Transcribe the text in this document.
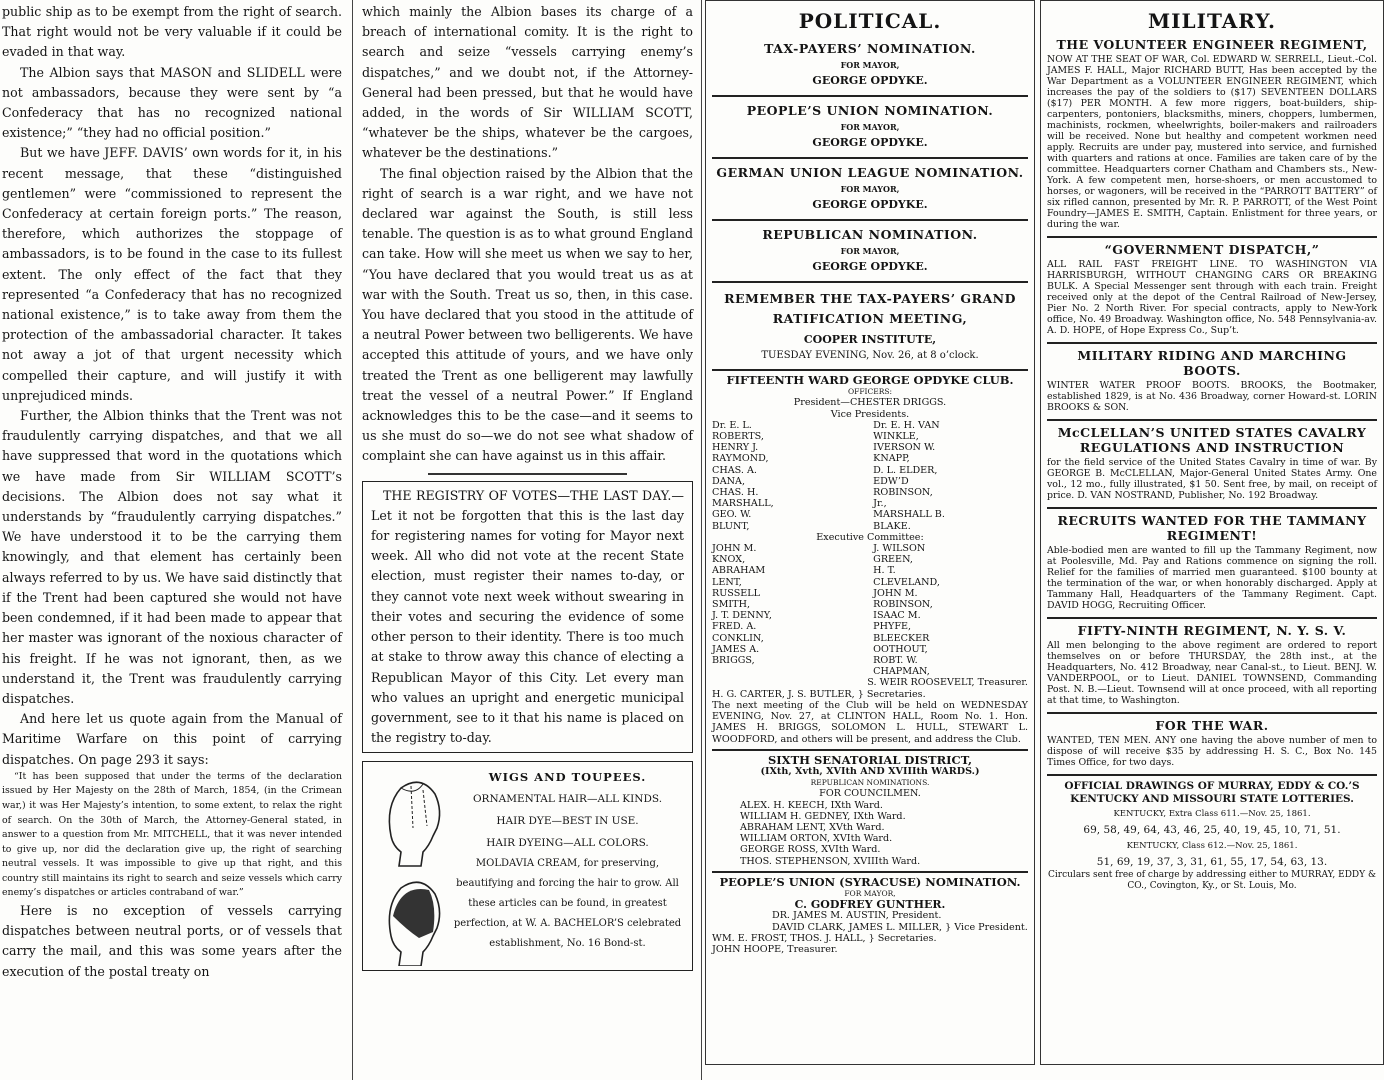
public ship as to be exempt from the right of search. That right would not be very valuable if it could be evaded in that way.

The Albion says that MASON and SLIDELL were not ambassadors, because they were sent by “a Confederacy that has no recognized national existence;” “they had no official position.”

But we have JEFF. DAVIS’ own words for it, in his recent message, that these “distinguished gentlemen” were “commissioned to represent the Confederacy at certain foreign ports.” The reason, therefore, which authorizes the stoppage of ambassadors, is to be found in the case to its fullest extent. The only effect of the fact that they represented “a Confederacy that has no recognized national existence,” is to take away from them the protection of the ambassadorial character. It takes not away a jot of that urgent necessity which compelled their capture, and will justify it with unprejudiced minds.

Further, the Albion thinks that the Trent was not fraudulently carrying dispatches, and that we all have suppressed that word in the quotations which we have made from Sir WILLIAM SCOTT’s decisions. The Albion does not say what it understands by “fraudulently carrying dispatches.” We have understood it to be the carrying them knowingly, and that element has certainly been always referred to by us. We have said distinctly that if the Trent had been captured she would not have been condemned, if it had been made to appear that her master was ignorant of the noxious character of his freight. If he was not ignorant, then, as we understand it, the Trent was fraudulently carrying dispatches.

And here let us quote again from the Manual of Maritime Warfare on this point of carrying dispatches. On page 293 it says:

“It has been supposed that under the terms of the declaration issued by Her Majesty on the 28th of March, 1854, (in the Crimean war,) it was Her Majesty’s intention, to some extent, to relax the right of search. On the 30th of March, the Attorney-General stated, in answer to a question from Mr. MITCHELL, that it was never intended to give up, nor did the declaration give up, the right of searching neutral vessels. It was impossible to give up that right, and this country still maintains its right to search and seize vessels which carry enemy’s dispatches or articles contraband of war.”

Here is no exception of vessels carrying dispatches between neutral ports, or of vessels that carry the mail, and this was some years after the execution of the postal treaty on

which mainly the Albion bases its charge of a breach of international comity. It is the right to search and seize “vessels carrying enemy’s dispatches,” and we doubt not, if the Attorney-General had been pressed, but that he would have added, in the words of Sir WILLIAM SCOTT, “whatever be the ships, whatever be the cargoes, whatever be the destinations.”

The final objection raised by the Albion that the right of search is a war right, and we have not declared war against the South, is still less tenable. The question is as to what ground England can take. How will she meet us when we say to her, “You have declared that you would treat us as at war with the South. Treat us so, then, in this case. You have declared that you stood in the attitude of a neutral Power between two belligerents. We have accepted this attitude of yours, and we have only treated the Trent as one belligerent may lawfully treat the vessel of a neutral Power.” If England acknowledges this to be the case—and it seems to us she must do so—we do not see what shadow of complaint she can have against us in this affair.

THE REGISTRY OF VOTES—THE LAST DAY.—Let it not be forgotten that this is the last day for registering names for voting for Mayor next week. All who did not vote at the recent State election, must register their names to-day, or they cannot vote next week without swearing in their votes and securing the evidence of some other person to their identity. There is too much at stake to throw away this chance of electing a Republican Mayor of this City. Let every man who values an upright and energetic municipal government, see to it that his name is placed on the registry to-day.

WIGS AND TOUPEES.
ORNAMENTAL HAIR—ALL KINDS.
HAIR DYE—BEST IN USE.
HAIR DYEING—ALL COLORS.
MOLDAVIA CREAM, for preserving, beautifying and forcing the hair to grow. All these articles can be found, in greatest perfection, at W. A. BACHELOR’S celebrated establishment, No. 16 Bond-st.
POLITICAL.
TAX-PAYERS’ NOMINATION.
FOR MAYOR,
GEORGE OPDYKE.
PEOPLE’S UNION NOMINATION.
FOR MAYOR,
GEORGE OPDYKE.
GERMAN UNION LEAGUE NOMINATION.
FOR MAYOR,
GEORGE OPDYKE.
REPUBLICAN NOMINATION.
FOR MAYOR,
GEORGE OPDYKE.
REMEMBER THE TAX-PAYERS’ GRAND RATIFICATION MEETING,
COOPER INSTITUTE,
TUESDAY EVENING, Nov. 26, at 8 o’clock.
FIFTEENTH WARD GEORGE OPDYKE CLUB.
OFFICERS:
President—CHESTER DRIGGS.
Vice Presidents.
Dr. E. L. ROBERTS,
HENRY J. RAYMOND,
CHAS. A. DANA,
CHAS. H. MARSHALL,
GEO. W. BLUNT,
Dr. E. H. VAN WINKLE,
IVERSON W. KNAPP,
D. L. ELDER,
EDW’D ROBINSON, Jr.,
MARSHALL B. BLAKE.
Executive Committee:
JOHN M. KNOX,
ABRAHAM LENT,
RUSSELL SMITH,
J. T. DENNY,
FRED. A. CONKLIN,
JAMES A. BRIGGS,
J. WILSON GREEN,
H. T. CLEVELAND,
JOHN M. ROBINSON,
ISAAC M. PHYFE,
BLEECKER OOTHOUT,
ROBT. W. CHAPMAN,
S. WEIR ROOSEVELT, Treasurer.
H. G. CARTER, J. S. BUTLER, } Secretaries.

The next meeting of the Club will be held on WEDNESDAY EVENING, Nov. 27, at CLINTON HALL, Room No. 1. Hon. JAMES H. BRIGGS, SOLOMON L. HULL, STEWART L. WOODFORD, and others will be present, and address the Club.

SIXTH SENATORIAL DISTRICT,
(IXth, Xvth, XVIth AND XVIIIth WARDS.)
REPUBLICAN NOMINATIONS.
FOR COUNCILMEN.
ALEX. H. KEECH, IXth Ward.
WILLIAM H. GEDNEY, IXth Ward.
ABRAHAM LENT, XVth Ward.
WILLIAM ORTON, XVIth Ward.
GEORGE ROSS, XVIth Ward.
THOS. STEPHENSON, XVIIIth Ward.
PEOPLE’S UNION (SYRACUSE) NOMINATION.
FOR MAYOR,
C. GODFREY GUNTHER.
DR. JAMES M. AUSTIN, President.
DAVID CLARK, JAMES L. MILLER, } Vice President.
WM. E. FROST, THOS. J. HALL, } Secretaries.
JOHN HOOPE, Treasurer.
MILITARY.
THE VOLUNTEER ENGINEER REGIMENT,

NOW AT THE SEAT OF WAR, Col. EDWARD W. SERRELL, Lieut.-Col. JAMES F. HALL, Major RICHARD BUTT, Has been accepted by the War Department as a VOLUNTEER ENGINEER REGIMENT, which increases the pay of the soldiers to ($17) SEVENTEEN DOLLARS ($17) PER MONTH. A few more riggers, boat-builders, ship-carpenters, pontoniers, blacksmiths, miners, choppers, lumbermen, machinists, rockmen, wheelwrights, boiler-makers and railroaders will be received. None but healthy and competent workmen need apply. Recruits are under pay, mustered into service, and furnished with quarters and rations at once. Families are taken care of by the committee. Headquarters corner Chatham and Chambers sts., New-York. A few competent men, horse-shoers, or men accustomed to horses, or wagoners, will be received in the “PARROTT BATTERY” of six rifled cannon, presented by Mr. R. P. PARROTT, of the West Point Foundry—JAMES E. SMITH, Captain. Enlistment for three years, or during the war.

“GOVERNMENT DISPATCH,”

ALL RAIL FAST FREIGHT LINE. TO WASHINGTON VIA HARRISBURGH, WITHOUT CHANGING CARS OR BREAKING BULK. A Special Messenger sent through with each train. Freight received only at the depot of the Central Railroad of New-Jersey, Pier No. 2 North River. For special contracts, apply to New-York office, No. 49 Broadway. Washington office, No. 548 Pennsylvania-av. A. D. HOPE, of Hope Express Co., Sup’t.

MILITARY RIDING AND MARCHING BOOTS.

WINTER WATER PROOF BOOTS. BROOKS, the Bootmaker, established 1829, is at No. 436 Broadway, corner Howard-st. LORIN BROOKS & SON.

McCLELLAN’S UNITED STATES CAVALRY REGULATIONS AND INSTRUCTION

for the field service of the United States Cavalry in time of war. By GEORGE B. McCLELLAN, Major-General United States Army. One vol., 12 mo., fully illustrated, $1 50. Sent free, by mail, on receipt of price. D. VAN NOSTRAND, Publisher, No. 192 Broadway.

RECRUITS WANTED FOR THE TAMMANY REGIMENT!

Able-bodied men are wanted to fill up the Tammany Regiment, now at Poolesville, Md. Pay and Rations commence on signing the roll. Relief for the families of married men guaranteed. $100 bounty at the termination of the war, or when honorably discharged. Apply at Tammany Hall, Headquarters of the Tammany Regiment. Capt. DAVID HOGG, Recruiting Officer.

FIFTY-NINTH REGIMENT, N. Y. S. V.

All men belonging to the above regiment are ordered to report themselves on or before THURSDAY, the 28th inst., at the Headquarters, No. 412 Broadway, near Canal-st., to Lieut. BENJ. W. VANDERPOOL, or to Lieut. DANIEL TOWNSEND, Commanding Post. N. B.—Lieut. Townsend will at once proceed, with all reporting at that time, to Washington.

FOR THE WAR.

WANTED, TEN MEN. ANY one having the above number of men to dispose of will receive $35 by addressing H. S. C., Box No. 145 Times Office, for two days.

OFFICIAL DRAWINGS OF MURRAY, EDDY & CO.’S KENTUCKY AND MISSOURI STATE LOTTERIES.
KENTUCKY, Extra Class 611.—Nov. 25, 1861.
69, 58, 49, 64, 43, 46, 25, 40, 19, 45, 10, 71, 51.
KENTUCKY, Class 612.—Nov. 25, 1861.
51, 69, 19, 37, 3, 31, 61, 55, 17, 54, 63, 13.
Circulars sent free of charge by addressing either to MURRAY, EDDY & CO., Covington, Ky., or St. Louis, Mo.
